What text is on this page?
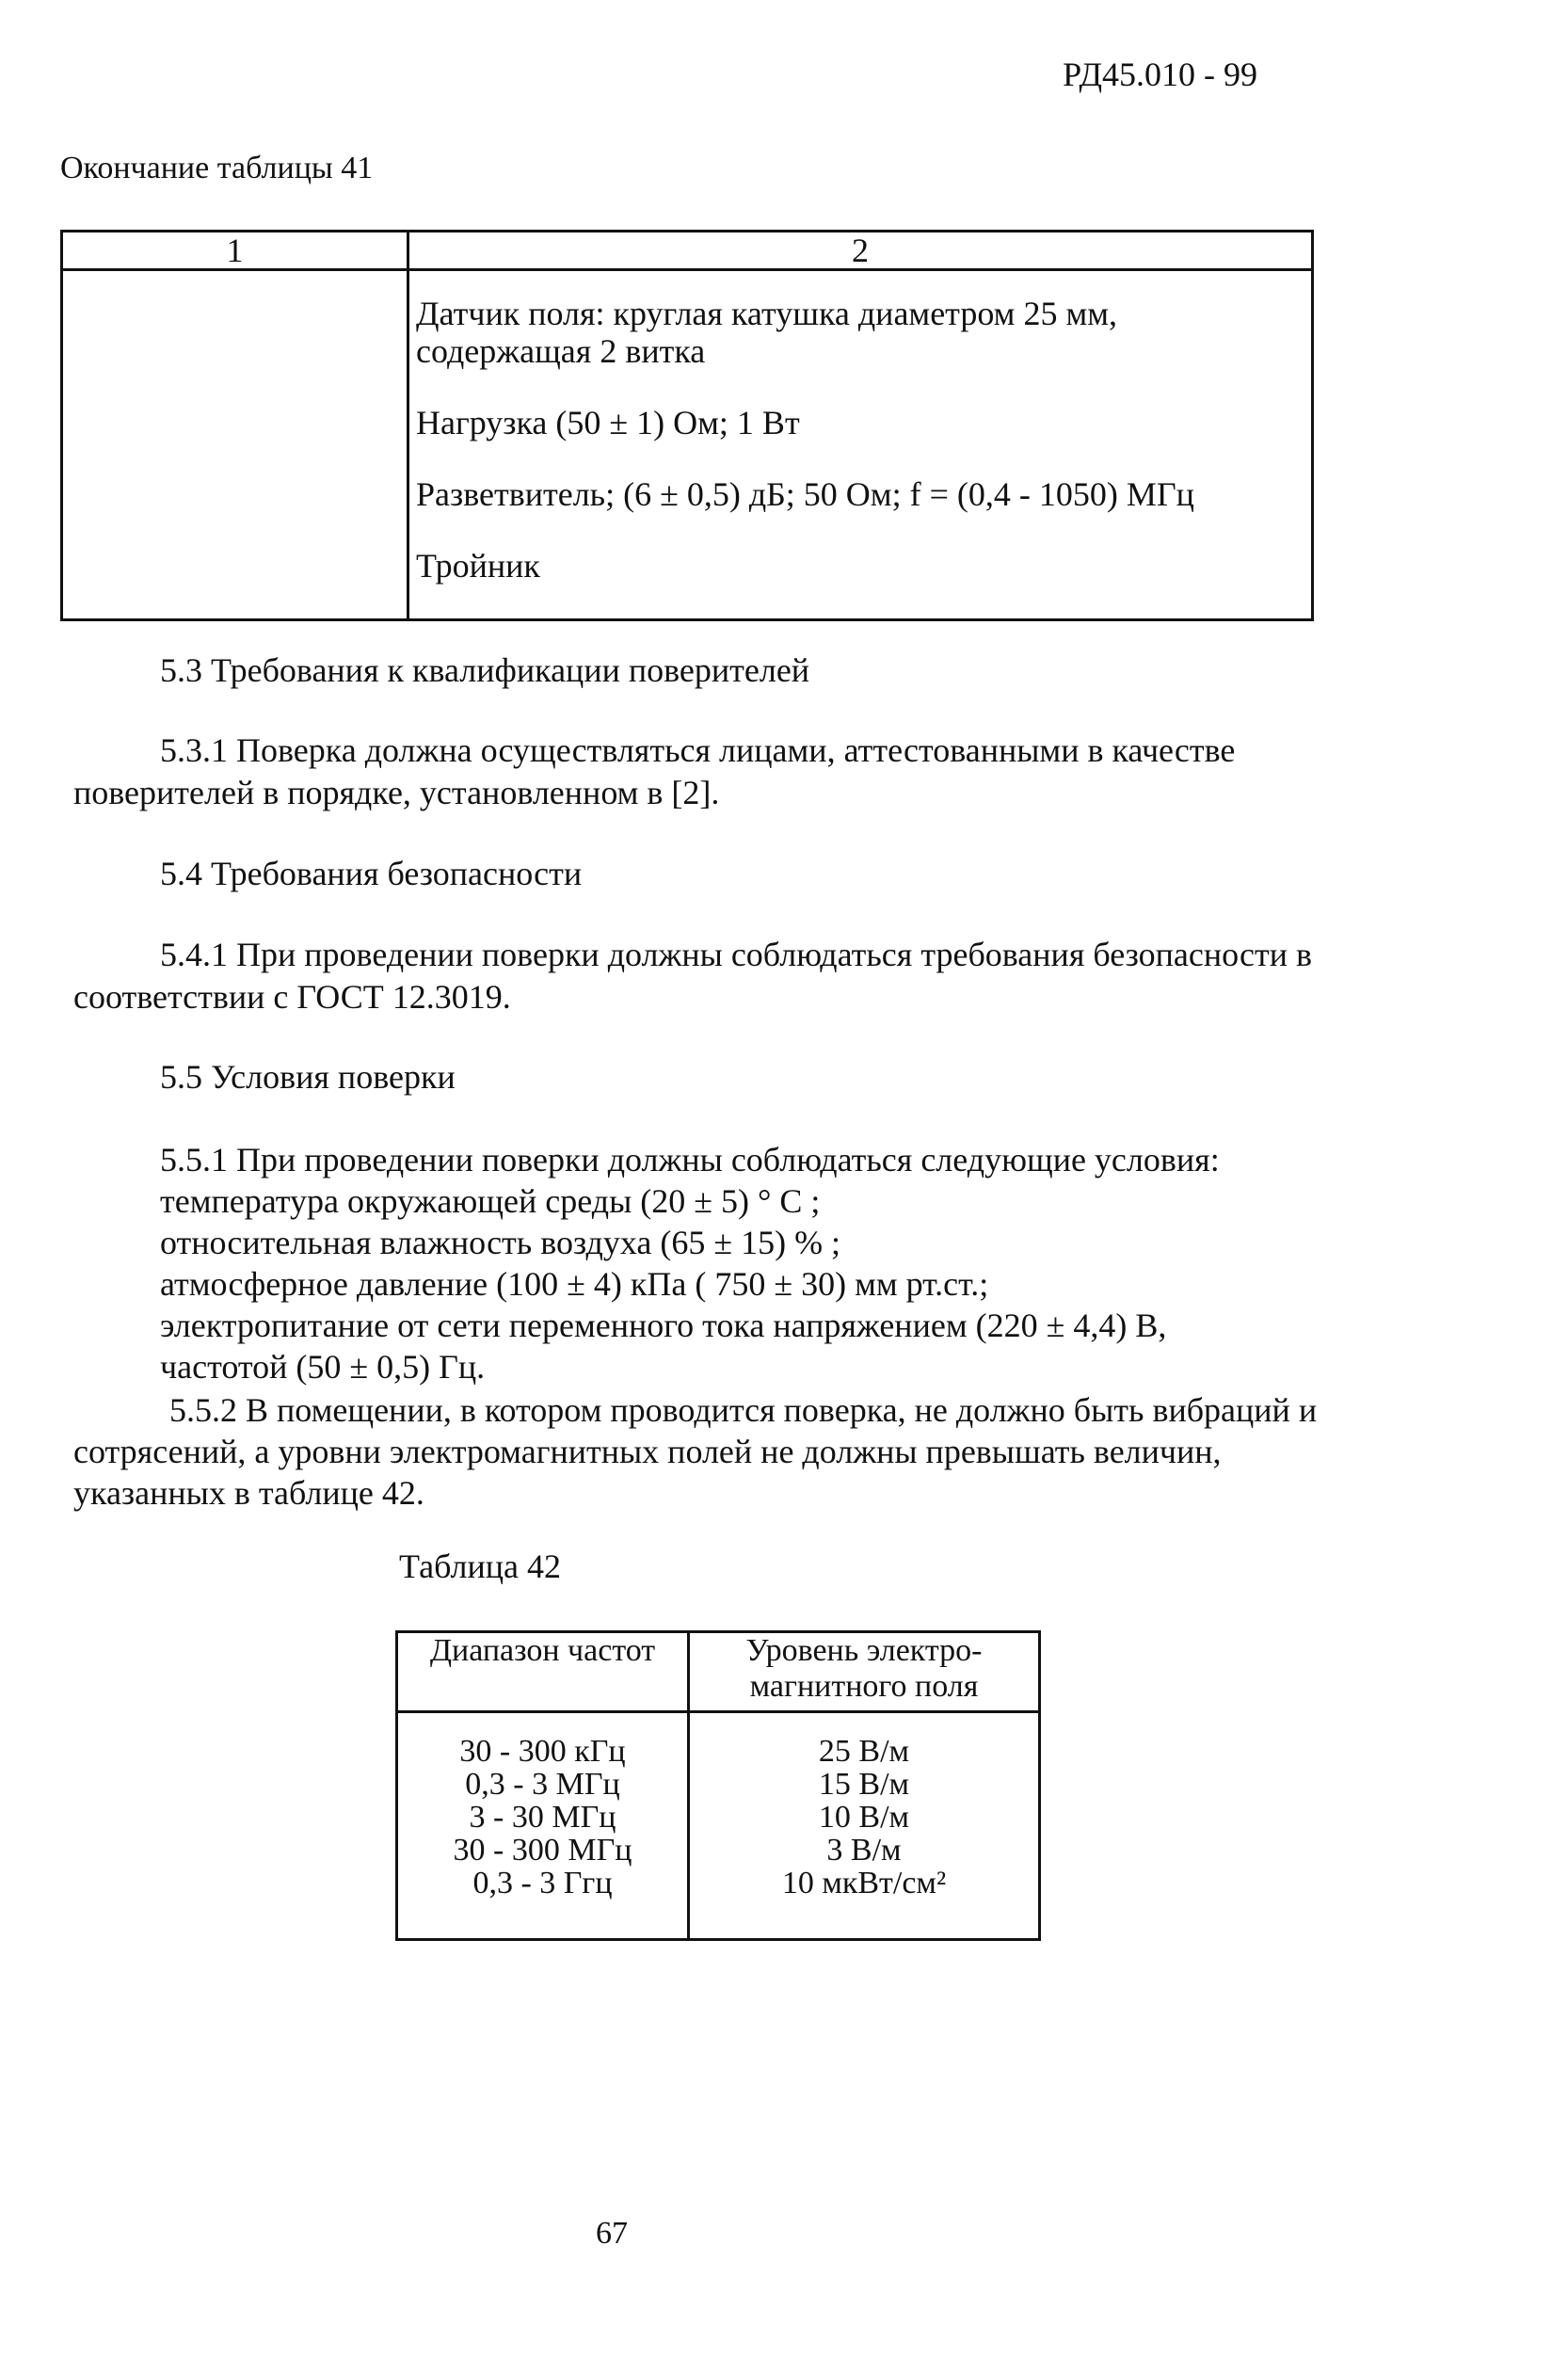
РД45.010 - 99
Окончание таблицы 41
1	2
Датчик поля: круглая катушка диаметром 25 мм,
содержащая 2 витка
Нагрузка (50 ± 1) Ом; 1 Вт
Разветвитель; (6 ± 0,5) дБ; 50 Ом; f = (0,4 - 1050) МГц
Тройник
5.3 Требования к квалификации поверителей
5.3.1 Поверка должна осуществляться лицами, аттестованными в качестве
поверителей в порядке, установленном в [2].
5.4 Требования безопасности
5.4.1 При проведении поверки должны соблюдаться требования безопасности в
соответствии с ГОСТ 12.3019.
5.5 Условия поверки
5.5.1 При проведении поверки должны соблюдаться следующие условия:
температура окружающей среды (20 ± 5) ° С ;
относительная влажность воздуха (65 ± 15) % ;
атмосферное давление (100 ± 4) кПа ( 750 ± 30) мм рт.ст.;
электропитание от сети переменного тока напряжением (220 ± 4,4) В,
частотой (50 ± 0,5) Гц.
5.5.2 В помещении, в котором проводится поверка, не должно быть вибраций и
сотрясений, а уровни электромагнитных полей не должны превышать величин,
указанных в таблице 42.
Таблица 42
Диапазон частот	Уровень электро-
магнитного поля
30 - 300 кГц
0,3 - 3 МГц
3 - 30 МГц
30 - 300 МГц
0,3 - 3 Ггц
25 В/м
15 В/м
10 В/м
3 В/м
10 мкВт/см²
67
